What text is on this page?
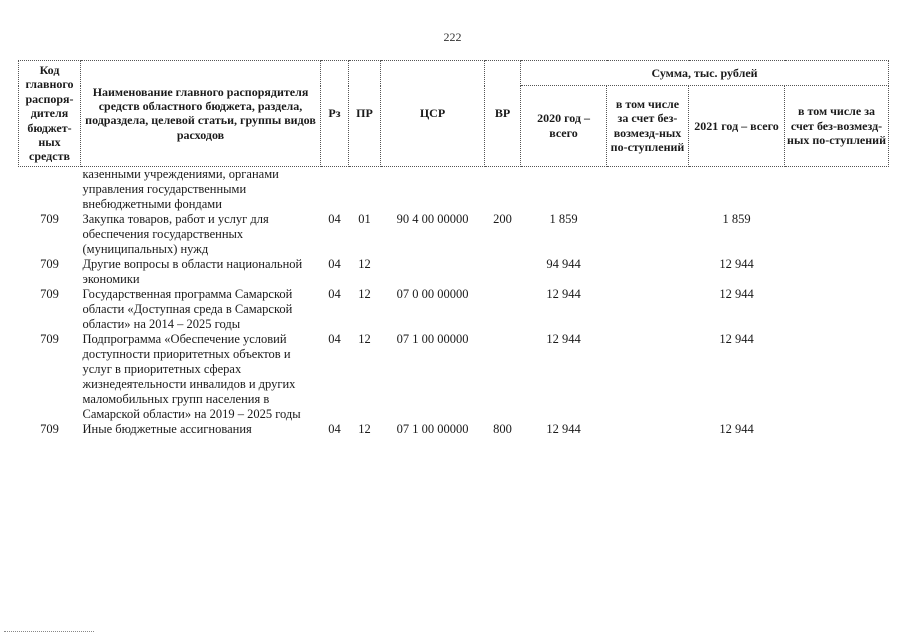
222
Код главного распоря-дителя бюджет-ных средств	Наименование главного распорядителя средств областного бюджета, раздела, подраздела, целевой статьи, группы видов расходов	Рз	ПР	ЦСР	ВР	Сумма, тыс. рублей			
						2020 год – всего	в том числе за счет без-возмезд-ных по-ступлений	2021 год – всего	в том числе за счет без-возмезд-ных по-ступлений
	казенными учреждениями, органами управления государственными внебюджетными фондами								
709	Закупка товаров, работ и услуг для обеспечения государственных (муниципальных) нужд	04	01	90 4 00 00000	200	1 859		1 859	
709	Другие вопросы в области национальной экономики	04	12			94 944		12 944	
709	Государственная программа Самарской области «Доступная среда в Самарской области» на 2014 – 2025 годы	04	12	07 0 00 00000		12 944		12 944	
709	Подпрограмма «Обеспечение условий доступности приоритетных объектов и услуг в приоритетных сферах жизнедеятельности инвалидов и других маломобильных групп населения в Самарской области» на 2019 – 2025 годы	04	12	07 1 00 00000		12 944		12 944	
709	Иные бюджетные ассигнования	04	12	07 1 00 00000	800	12 944		12 944	
